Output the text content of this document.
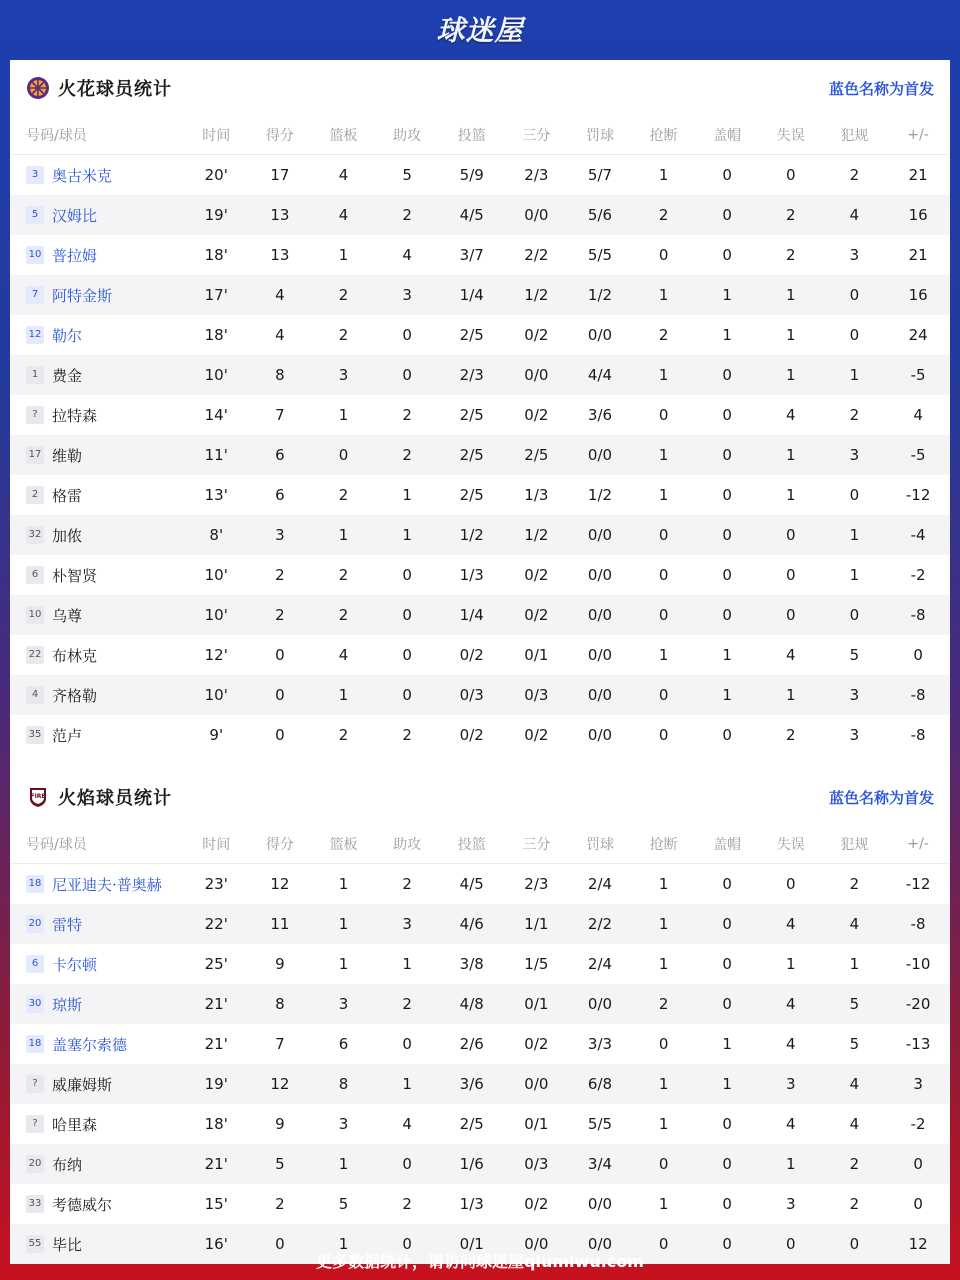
球迷屋
火花球员统计	蓝色名称为首发
号码/球员	时间	得分	篮板	助攻	投篮	三分	罚球	抢断	盖帽	失误	犯规	+/-
3 奥古米克	20'	17	4	5	5/9	2/3	5/7	1	0	0	2	21
5 汉姆比	19'	13	4	2	4/5	0/0	5/6	2	0	2	4	16
10 普拉姆	18'	13	1	4	3/7	2/2	5/5	0	0	2	3	21
7 阿特金斯	17'	4	2	3	1/4	1/2	1/2	1	1	1	0	16
12 勒尔	18'	4	2	0	2/5	0/2	0/0	2	1	1	0	24
1 费金	10'	8	3	0	2/3	0/0	4/4	1	0	1	1	-5
? 拉特森	14'	7	1	2	2/5	0/2	3/6	0	0	4	2	4
17 维勒	11'	6	0	2	2/5	2/5	0/0	1	0	1	3	-5
2 格雷	13'	6	2	1	2/5	1/3	1/2	1	0	1	0	-12
32 加侬	8'	3	1	1	1/2	1/2	0/0	0	0	0	1	-4
6 朴智贤	10'	2	2	0	1/3	0/2	0/0	0	0	0	1	-2
10 乌尊	10'	2	2	0	1/4	0/2	0/0	0	0	0	0	-8
22 布林克	12'	0	4	0	0/2	0/1	0/0	1	1	4	5	0
4 齐格勒	10'	0	1	0	0/3	0/3	0/0	0	1	1	3	-8
35 范卢	9'	0	2	2	0/2	0/2	0/0	0	0	2	3	-8
FIRE 火焰球员统计	蓝色名称为首发
号码/球员	时间	得分	篮板	助攻	投篮	三分	罚球	抢断	盖帽	失误	犯规	+/-
18 尼亚迪夫·普奥赫	23'	12	1	2	4/5	2/3	2/4	1	0	0	2	-12
20 雷特	22'	11	1	3	4/6	1/1	2/2	1	0	4	4	-8
6 卡尔顿	25'	9	1	1	3/8	1/5	2/4	1	0	1	1	-10
30 琼斯	21'	8	3	2	4/8	0/1	0/0	2	0	4	5	-20
18 盖塞尔索德	21'	7	6	0	2/6	0/2	3/3	0	1	4	5	-13
? 威廉姆斯	19'	12	8	1	3/6	0/0	6/8	1	1	3	4	3
? 哈里森	18'	9	3	4	2/5	0/1	5/5	1	0	4	4	-2
20 布纳	21'	5	1	0	1/6	0/3	3/4	0	0	1	2	0
33 考德威尔	15'	2	5	2	1/3	0/2	0/0	1	0	3	2	0
55 毕比	16'	0	1	0	0/1	0/0	0/0	0	0	0	0	12
更多数据统计，请访问球迷屋qiumiwu.com
